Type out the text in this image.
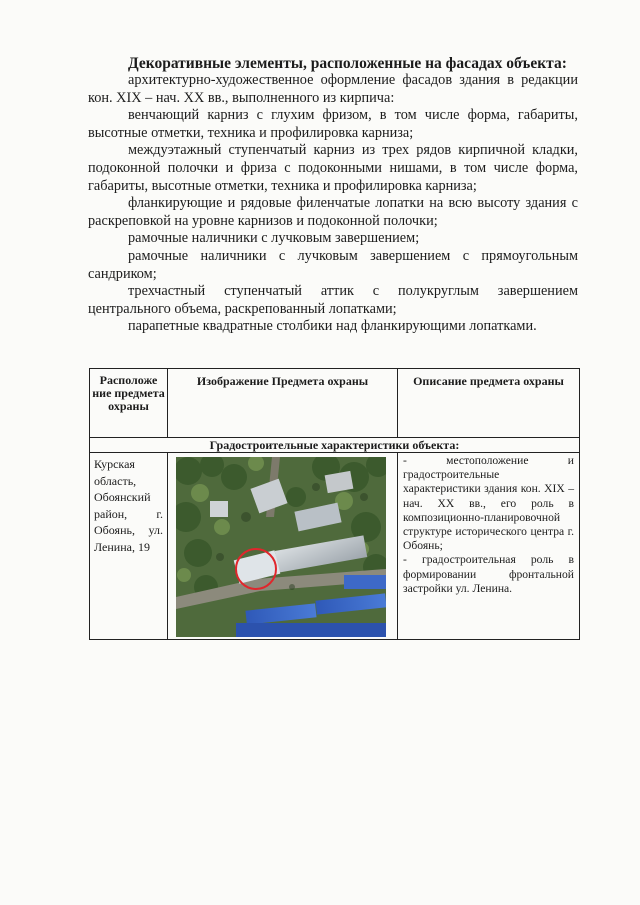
Декоративные элементы, расположенные на фасадах объекта:

архитектурно-художественное оформление фасадов здания в редакции кон. XIX – нач. XX вв., выполненного из кирпича:

венчающий карниз с глухим фризом, в том числе форма, габариты, высотные отметки, техника и профилировка карниза;

междуэтажный ступенчатый карниз из трех рядов кирпичной кладки, подоконной полочки и фриза с подоконными нишами, в том числе форма, габариты, высотные отметки, техника и профилировка карниза;

фланкирующие и рядовые филенчатые лопатки на всю высоту здания с раскреповкой на уровне карнизов и подоконной полочки;

рамочные наличники с лучковым завершением;

рамочные наличники с лучковым завершением с прямоугольным сандриком;

трехчастный ступенчатый аттик с полукруглым завершением центрального объема, раскрепованный лопатками;

парапетные квадратные столбики над фланкирующими лопатками.

Расположе ние предмета охраны	Изображение Предмета охраны	Описание предмета охраны
Градостроительные характеристики объекта:		
Курская область, Обоянский район, г. Обоянь, ул. Ленина, 19		- местоположение и градостроительные характеристики здания кон. XIX –нач. XX вв., его роль в композиционно-планировочной структуре исторического центра г. Обоянь;

- градостроительная роль в формировании фронтальной застройки ул. Ленина.
